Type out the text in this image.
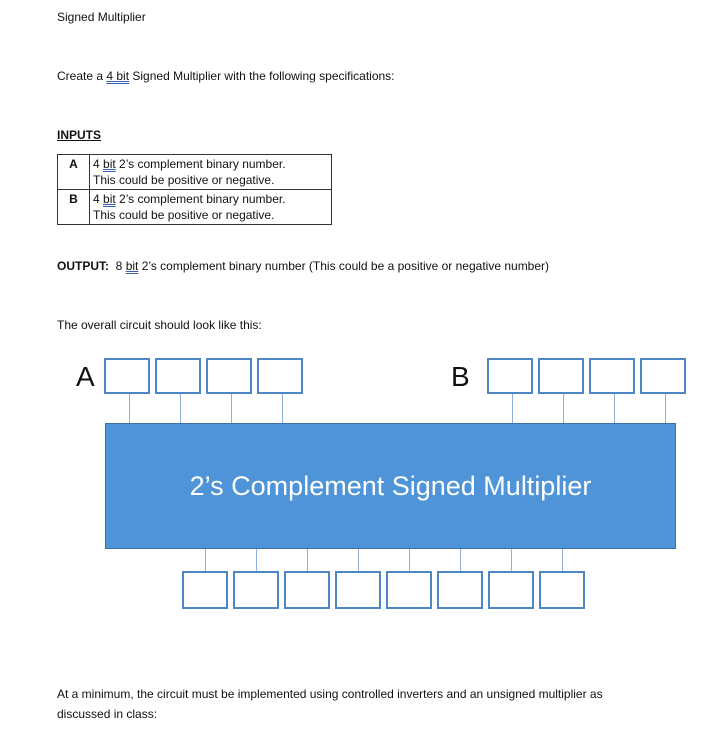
Signed Multiplier
Create a 4 bit Signed Multiplier with the following specifications:
INPUTS
A	4 bit 2’s complement binary number.
This could be positive or negative.

B	4 bit 2’s complement binary number.
This could be positive or negative.
OUTPUT:  8 bit 2’s complement binary number (This could be a positive or negative number)
The overall circuit should look like this:
A	B
2’s Complement Signed Multiplier
At a minimum, the circuit must be implemented using controlled inverters and an unsigned multiplier as
discussed in class:
